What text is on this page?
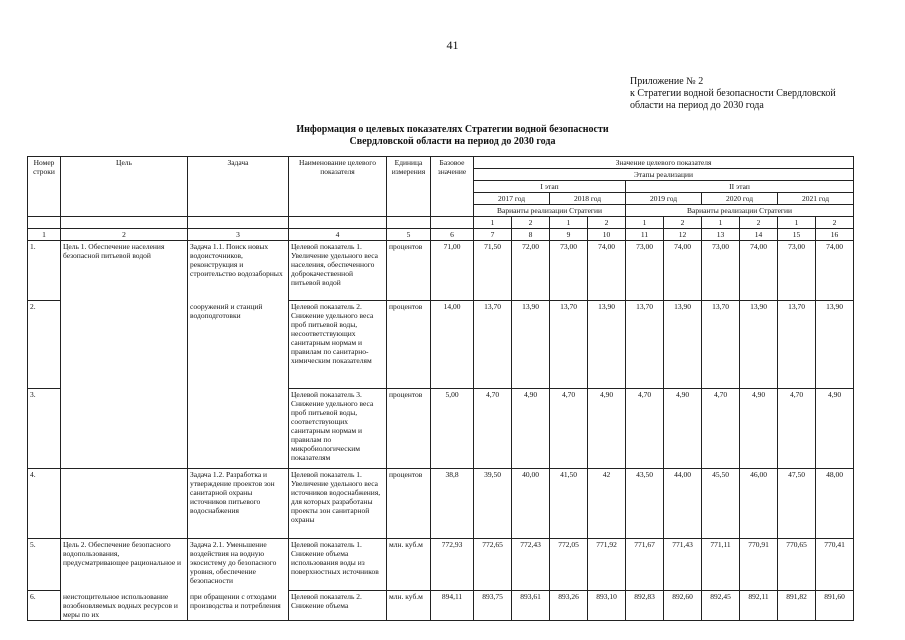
41
Приложение № 2
к Стратегии водной безопасности Свердловской
области на период до 2030 года
Информация о целевых показателях Стратегии водной безопасности
Свердловской области на период до 2030 года
Номер строки	Цель	Задача	Наименование целевого показателя	Единица измерения	Базовое значение	Значение целевого показателя									
						Этапы реализации									
						I этап				II этап					
						2017 год		2018 год		2019 год		2020 год		2021 год	
						Варианты реализации Стратегии				Варианты реализации Стратегии					
						1	2	1	2	1	2	1	2	1	2
1	2	3	4	5	6	7	8	9	10	11	12	13	14	15	16
1.	Цель 1. Обеспечение населения безопасной питьевой водой	Задача 1.1. Поиск новых водоисточников, реконструкция и строительство водозаборных	Целевой показатель 1. Увеличение удельного веса населения, обеспеченного доброкачественной питьевой водой	процентов	71,00	71,50	72,00	73,00	74,00	73,00	74,00	73,00	74,00	73,00	74,00
2.		сооружений и станций водоподготовки	Целевой показатель 2. Снижение удельного веса проб питьевой воды, несоответствующих санитарным нормам и правилам по санитарно-химическим показателям	процентов	14,00	13,70	13,90	13,70	13,90	13,70	13,90	13,70	13,90	13,70	13,90
3.			Целевой показатель 3. Снижение удельного веса проб питьевой воды, соответствующих санитарным нормам и правилам по микробиологическим показателям	процентов	5,00	4,70	4,90	4,70	4,90	4,70	4,90	4,70	4,90	4,70	4,90
4.		Задача 1.2. Разработка и утверждение проектов зон санитарной охраны источников питьевого водоснабжения	Целевой показатель 1. Увеличение удельного веса источников водоснабжения, для которых разработаны проекты зон санитарной охраны	процентов	38,8	39,50	40,00	41,50	42	43,50	44,00	45,50	46,00	47,50	48,00
5.	Цель 2. Обеспечение безопасного водопользования, предусматривающее рациональное и	Задача 2.1. Уменьшение воздействия на водную экосистему до безопасного уровня, обеспечение безопасности	Целевой показатель 1. Снижение объема использования воды из поверхностных источников	млн. куб.м	772,93	772,65	772,43	772,05	771,92	771,67	771,43	771,11	770,91	770,65	770,41
6.	неистощительное использование возобновляемых водных ресурсов и меры по их	при обращении с отходами производства и потребления	Целевой показатель 2. Снижение объема	млн. куб.м	894,11	893,75	893,61	893,26	893,10	892,83	892,60	892,45	892,11	891,82	891,60
